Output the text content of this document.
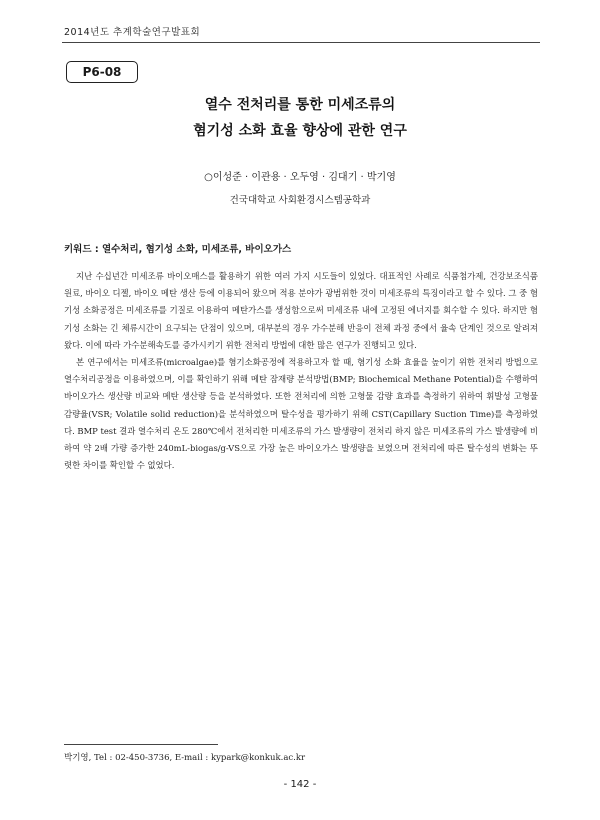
2014년도 추계학술연구발표회
P6-08
열수 전처리를 통한 미세조류의
혐기성 소화 효율 향상에 관한 연구
○이성준 · 이관용 · 오두영 · 김대기 · 박기영
건국대학교 사회환경시스템공학과
키워드 : 열수처리, 혐기성 소화, 미세조류, 바이오가스

지난 수십년간 미세조류 바이오매스를 활용하기 위한 여러 가지 시도들이 있었다. 대표적인 사례로 식품첨가제, 건강보조식품 원료, 바이오 디젤, 바이오 메탄 생산 등에 이용되어 왔으며 적용 분야가 광범위한 것이 미세조류의 특징이라고 할 수 있다. 그 중 혐기성 소화공정은 미세조류를 기질로 이용하여 메탄가스를 생성함으로써 미세조류 내에 고정된 에너지를 회수할 수 있다. 하지만 혐기성 소화는 긴 체류시간이 요구되는 단점이 있으며, 대부분의 경우 가수분해 반응이 전체 과정 중에서 율속 단계인 것으로 알려져 왔다. 이에 따라 가수분해속도를 증가시키기 위한 전처리 방법에 대한 많은 연구가 진행되고 있다.

본 연구에서는 미세조류(microalgae)를 혐기소화공정에 적용하고자 할 때, 혐기성 소화 효율을 높이기 위한 전처리 방법으로 열수처리공정을 이용하였으며, 이를 확인하기 위해 메탄 잠재량 분석방법(BMP; Biochemical Methane Potential)을 수행하여 바이오가스 생산량 비교와 메탄 생산량 등을 분석하였다. 또한 전처리에 의한 고형물 감량 효과를 측정하기 위하여 휘발성 고형물 감량율(VSR; Volatile solid reduction)을 분석하였으며 탈수성을 평가하기 위해 CST(Capillary Suction Time)를 측정하였다. BMP test 결과 열수처리 온도 280℃에서 전처리한 미세조류의 가스 발생량이 전처리 하지 않은 미세조류의 가스 발생량에 비하여 약 2배 가량 증가한 240mL-biogas/g-VS으로 가장 높은 바이오가스 발생량을 보였으며 전처리에 따른 탈수성의 변화는 뚜렷한 차이를 확인할 수 없었다.

박기영, Tel : 02-450-3736, E-mail : kypark@konkuk.ac.kr
- 142 -
